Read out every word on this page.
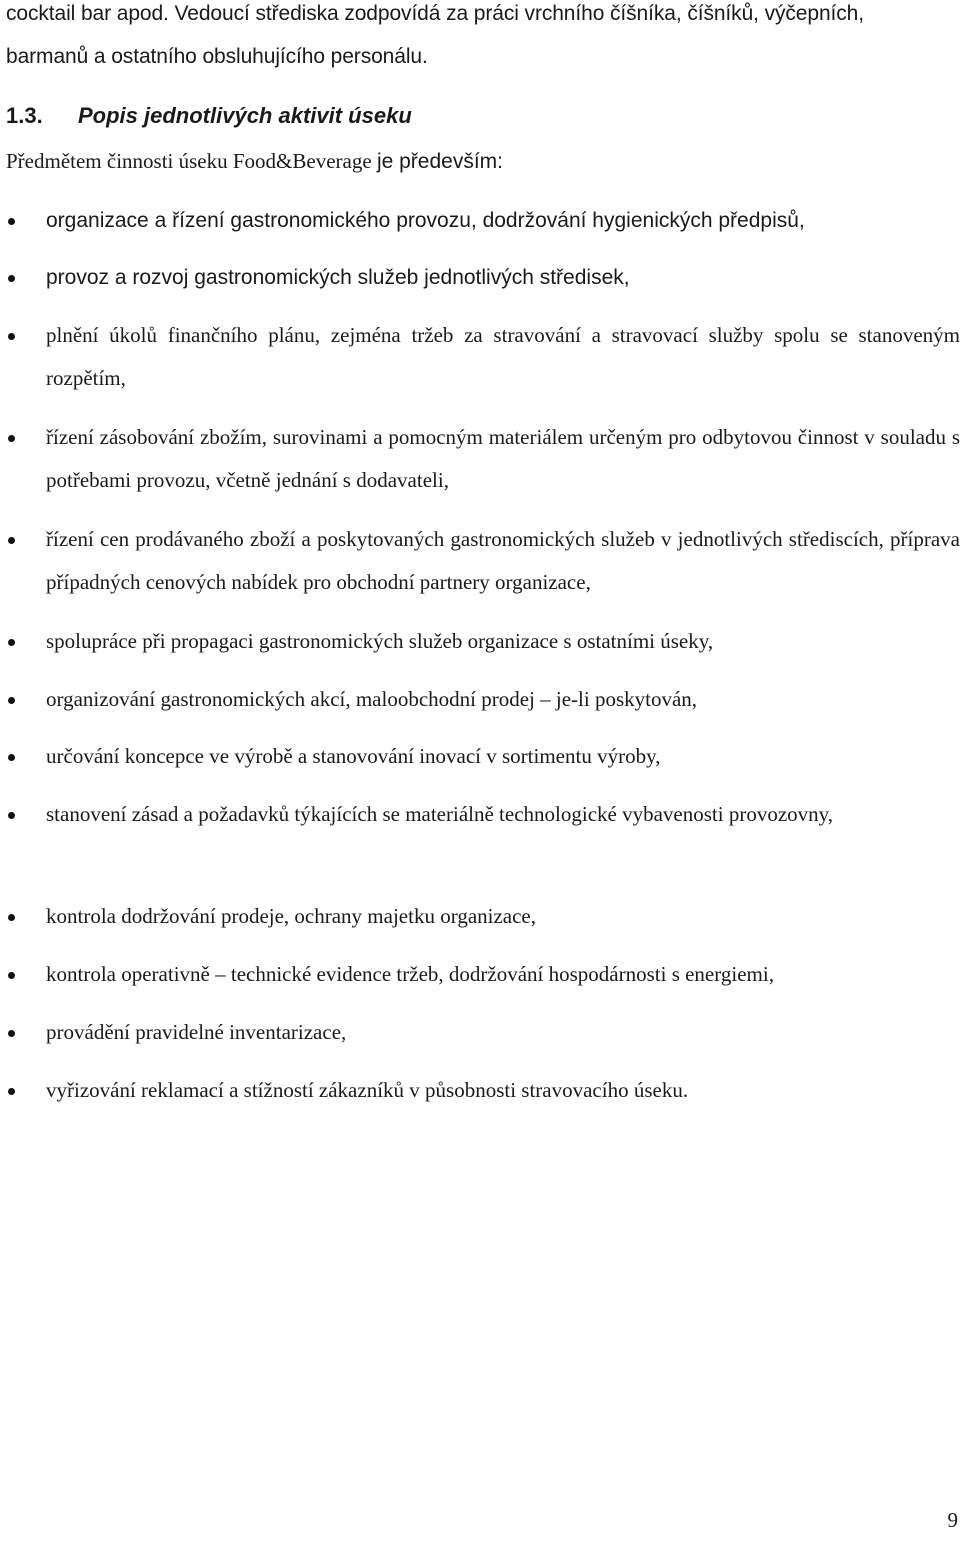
cocktail bar apod. Vedoucí střediska zodpovídá za práci vrchního číšníka, číšníků, výčepních,
barmanů a ostatního obsluhujícího personálu.
1.3. Popis jednotlivých aktivit úseku
Předmětem činnosti úseku Food&Beverage je především:
organizace a řízení gastronomického provozu, dodržování hygienických předpisů,
provoz a rozvoj gastronomických služeb jednotlivých středisek,
plnění úkolů finančního plánu, zejména tržeb za stravování a stravovací služby spolu se stanoveným rozpětím,
řízení zásobování zbožím, surovinami a pomocným materiálem určeným pro odbytovou činnost v souladu s potřebami provozu, včetně jednání s dodavateli,
řízení cen prodávaného zboží a poskytovaných gastronomických služeb v jednotlivých střediscích, příprava případných cenových nabídek pro obchodní partnery organizace,
spolupráce při propagaci gastronomických služeb organizace s ostatními úseky,
organizování gastronomických akcí, maloobchodní prodej – je-li poskytován,
určování koncepce ve výrobě a stanovování inovací v sortimentu výroby,
stanovení zásad a požadavků týkajících se materiálně technologické vybavenosti provozovny,
kontrola dodržování prodeje, ochrany majetku organizace,
kontrola operativně – technické evidence tržeb, dodržování hospodárnosti s energiemi,
provádění pravidelné inventarizace,
vyřizování reklamací a stížností zákazníků v působnosti stravovacího úseku.
9
